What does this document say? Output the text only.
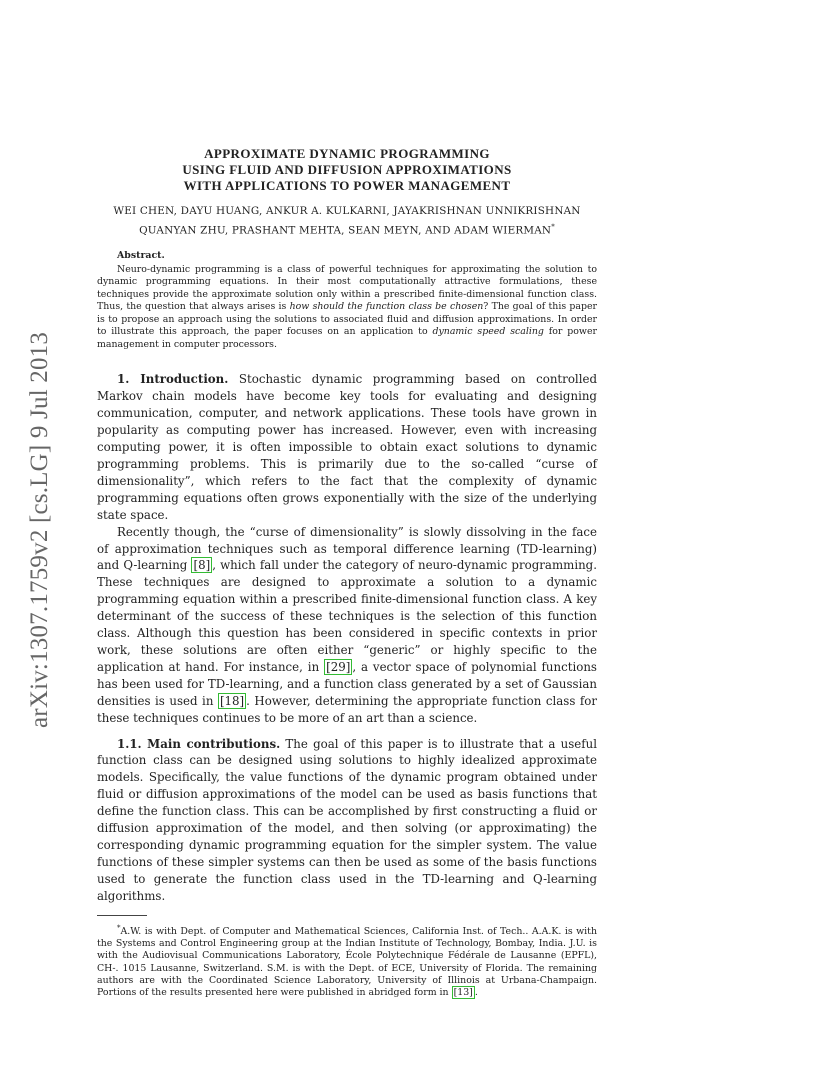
arXiv:1307.1759v2 [cs.LG] 9 Jul 2013

APPROXIMATE DYNAMIC PROGRAMMING

USING FLUID AND DIFFUSION APPROXIMATIONS

WITH APPLICATIONS TO POWER MANAGEMENT

WEI CHEN, DAYU HUANG, ANKUR A. KULKARNI, JAYAKRISHNAN UNNIKRISHNAN
QUANYAN ZHU, PRASHANT MEHTA, SEAN MEYN, AND ADAM WIERMAN*
Abstract.

Neuro-dynamic programming is a class of powerful techniques for approximating the solution to dynamic programming equations. In their most computationally attractive formulations, these techniques provide the approximate solution only within a prescribed finite-dimensional function class. Thus, the question that always arises is how should the function class be chosen? The goal of this paper is to propose an approach using the solutions to associated fluid and diffusion approximations. In order to illustrate this approach, the paper focuses on an application to dynamic speed scaling for power management in computer processors.

1. Introduction. Stochastic dynamic programming based on controlled Markov chain models have become key tools for evaluating and designing communication, computer, and network applications. These tools have grown in popularity as computing power has increased. However, even with increasing computing power, it is often impossible to obtain exact solutions to dynamic programming problems. This is primarily due to the so-called “curse of dimensionality”, which refers to the fact that the complexity of dynamic programming equations often grows exponentially with the size of the underlying state space.

Recently though, the “curse of dimensionality” is slowly dissolving in the face of approximation techniques such as temporal difference learning (TD-learning) and Q-learning [8] , which fall under the category of neuro-dynamic programming. These techniques are designed to approximate a solution to a dynamic programming equation within a prescribed finite-dimensional function class. A key determinant of the success of these techniques is the selection of this function class. Although this question has been considered in specific contexts in prior work, these solutions are often either “generic” or highly specific to the application at hand. For instance, in [29] , a vector space of polynomial functions has been used for TD-learning, and a function class generated by a set of Gaussian densities is used in [18] . However, determining the appropriate function class for these techniques continues to be more of an art than a science.

1.1. Main contributions. The goal of this paper is to illustrate that a useful function class can be designed using solutions to highly idealized approximate models. Specifically, the value functions of the dynamic program obtained under fluid or diffusion approximations of the model can be used as basis functions that define the function class. This can be accomplished by first constructing a fluid or diffusion approximation of the model, and then solving (or approximating) the corresponding dynamic programming equation for the simpler system. The value functions of these simpler systems can then be used as some of the basis functions used to generate the function class used in the TD-learning and Q-learning algorithms.

*A.W. is with Dept. of Computer and Mathematical Sciences, California Inst. of Tech.. A.A.K. is with the Systems and Control Engineering group at the Indian Institute of Technology, Bombay, India. J.U. is with the Audiovisual Communications Laboratory, École Polytechnique Fédérale de Lausanne (EPFL), CH-. 1015 Lausanne, Switzerland. S.M. is with the Dept. of ECE, University of Florida. The remaining authors are with the Coordinated Science Laboratory, University of Illinois at Urbana-Champaign. Portions of the results presented here were published in abridged form in [13] .
